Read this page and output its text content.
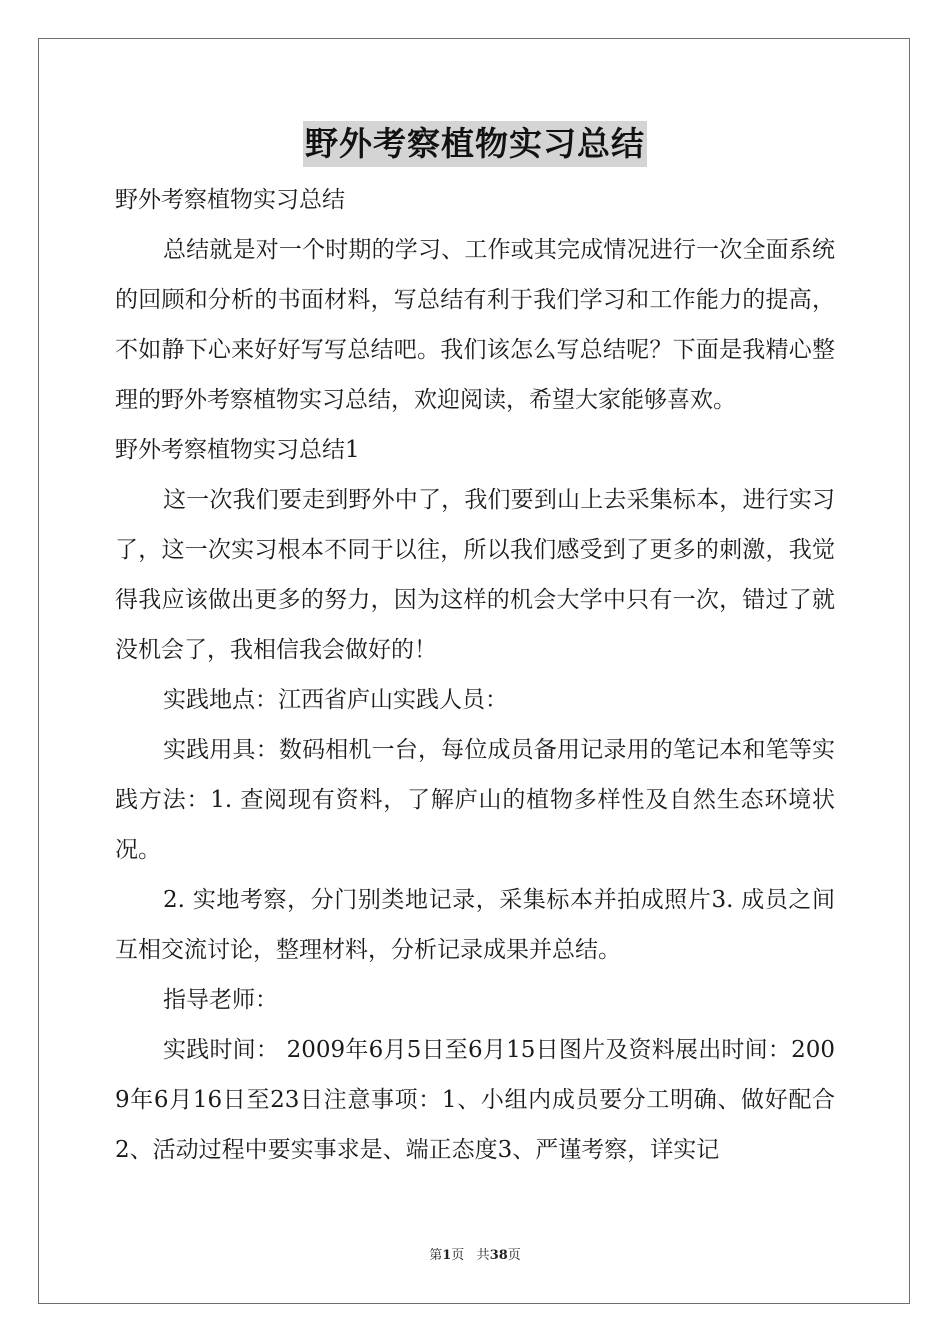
野外考察植物实习总结

野外考察植物实习总结

总结就是对一个时期的学习、工作或其完成情况进行一次全面系统的回顾和分析的书面材料，写总结有利于我们学习和工作能力的提高，不如静下心来好好写写总结吧。我们该怎么写总结呢？下面是我精心整理的野外考察植物实习总结，欢迎阅读，希望大家能够喜欢。

野外考察植物实习总结1

这一次我们要走到野外中了，我们要到山上去采集标本，进行实习了，这一次实习根本不同于以往，所以我们感受到了更多的刺激，我觉得我应该做出更多的努力，因为这样的机会大学中只有一次，错过了就没机会了，我相信我会做好的！

实践地点：江西省庐山实践人员：

实践用具：数码相机一台，每位成员备用记录用的笔记本和笔等实践方法：1. 查阅现有资料，了解庐山的植物多样性及自然生态环境状况。

2. 实地考察，分门别类地记录，采集标本并拍成照片3. 成员之间互相交流讨论，整理材料，分析记录成果并总结。

指导老师：

实践时间： 2009年6月5日至6月15日图片及资料展出时间：2009年6月16日至23日注意事项：1、小组内成员要分工明确、做好配合2、活动过程中要实事求是、端正态度3、严谨考察，详实记

第1页 共38页
